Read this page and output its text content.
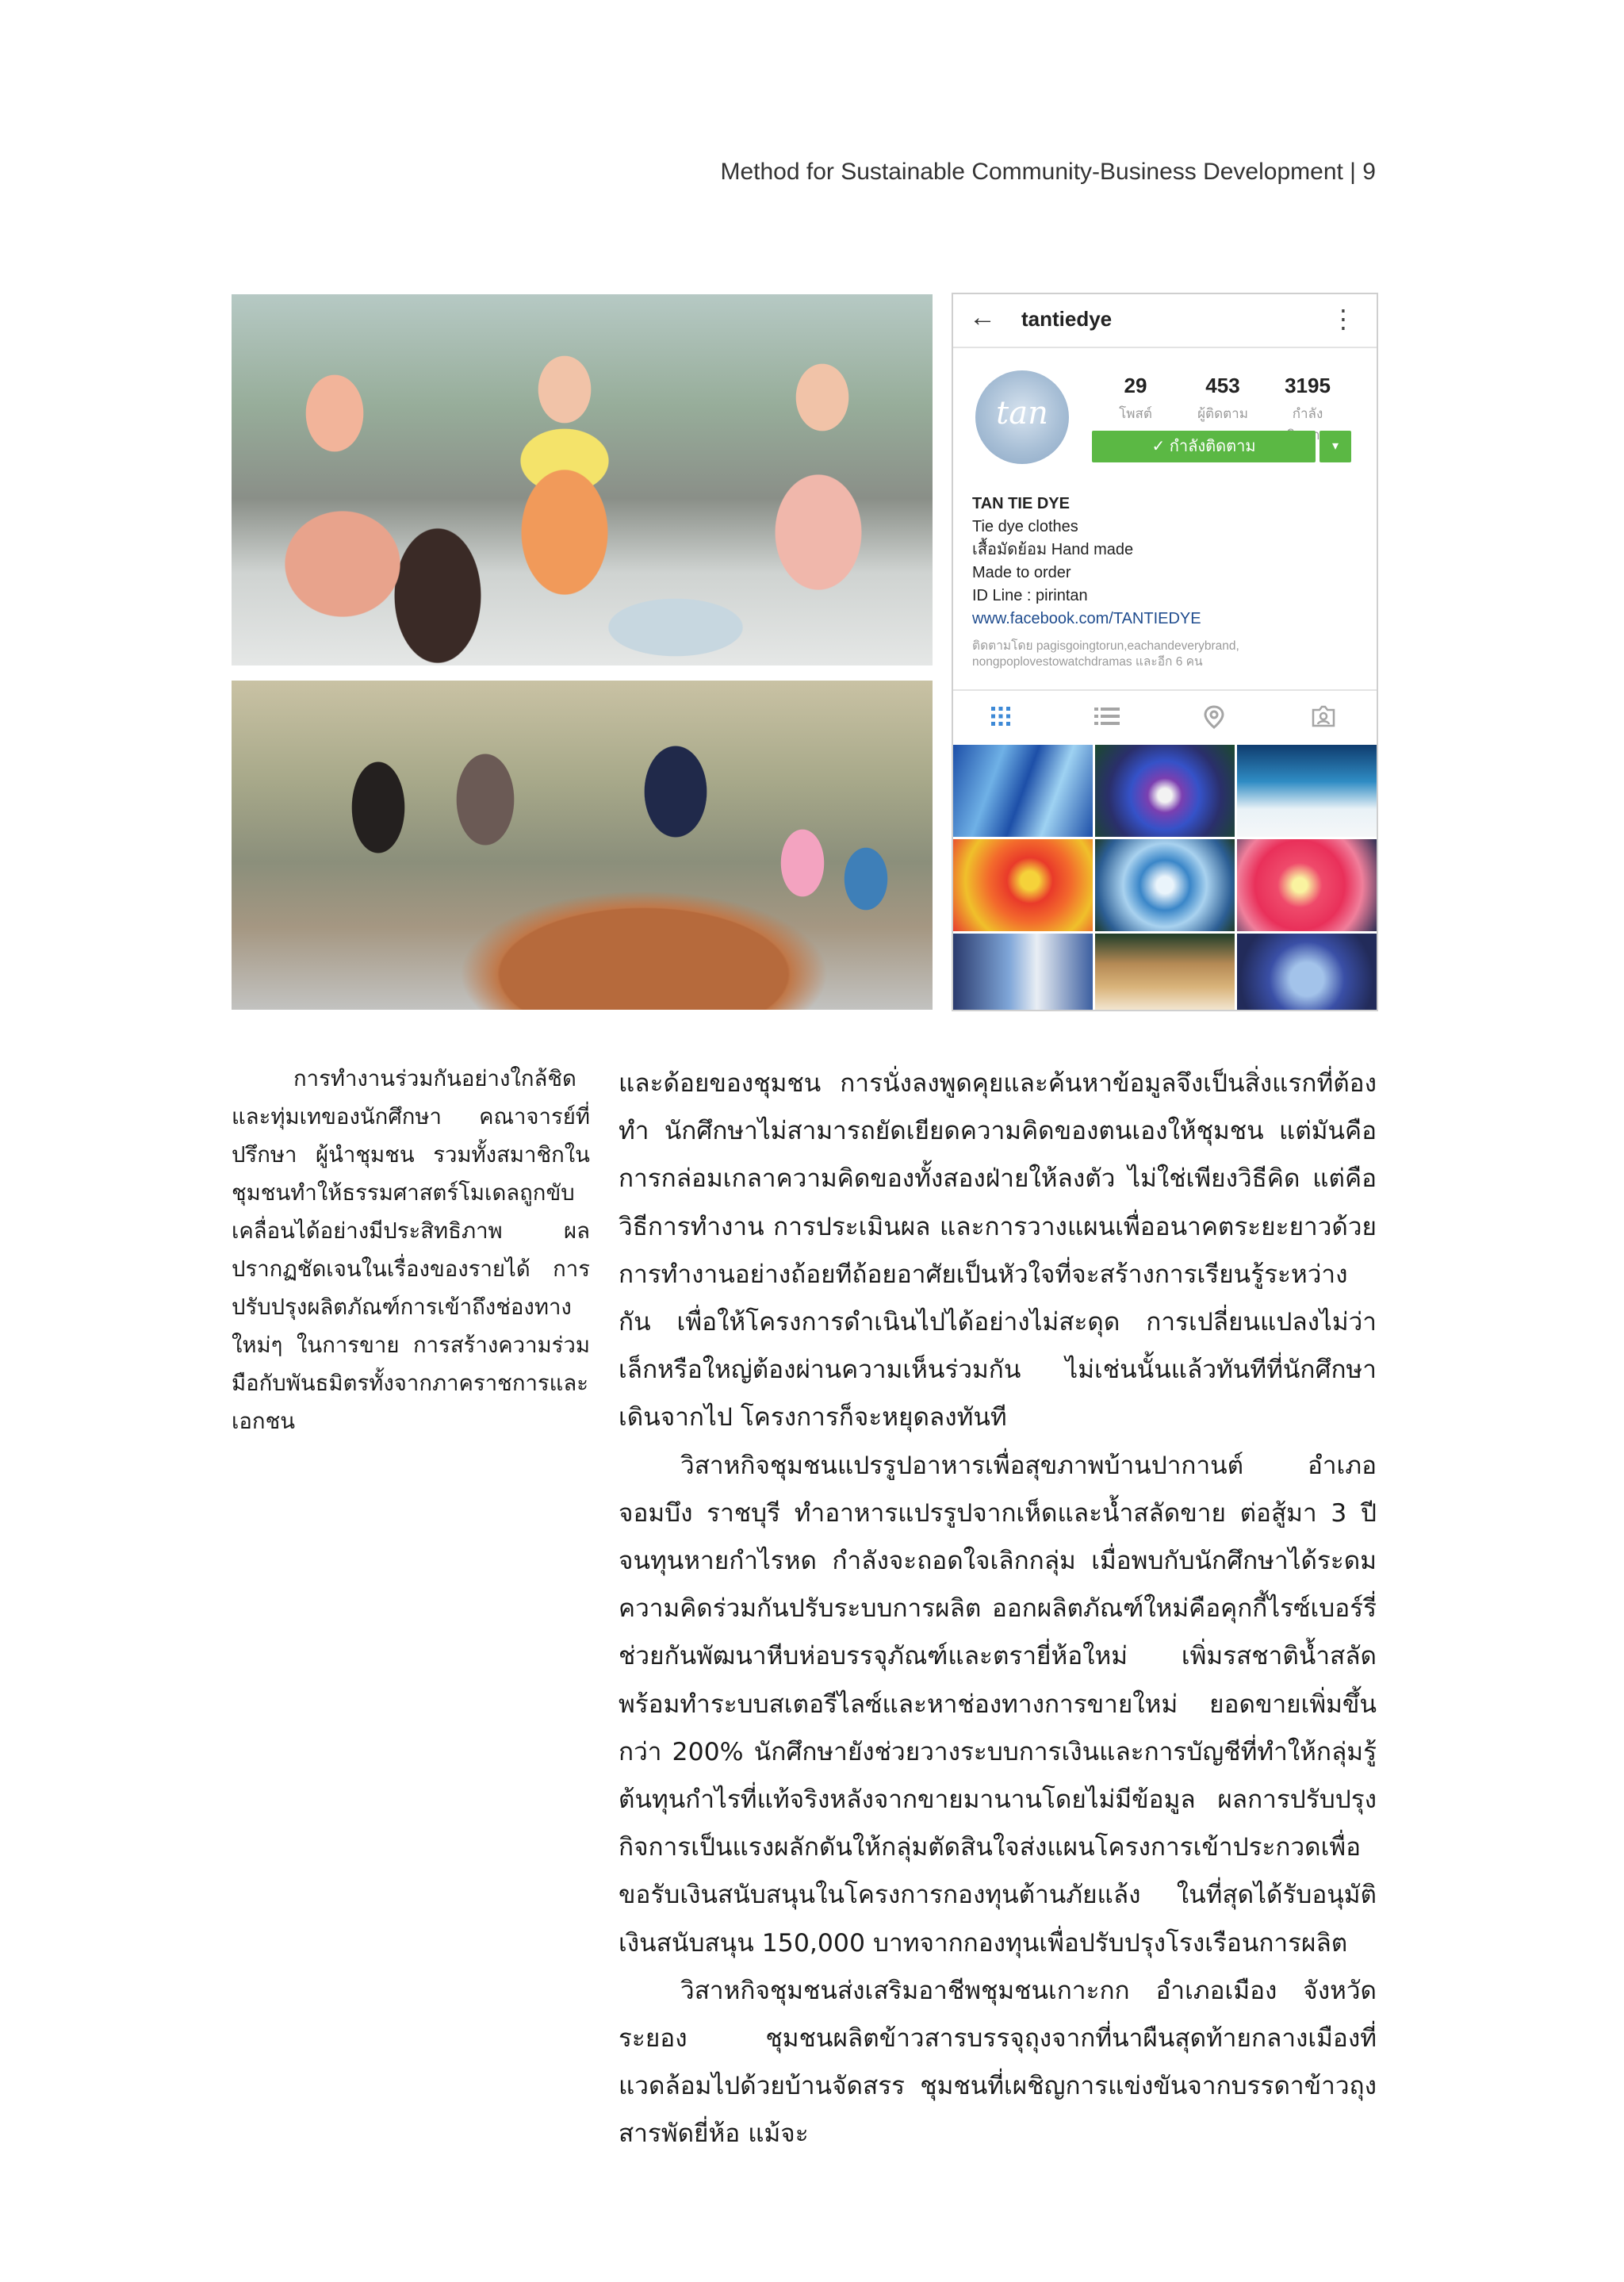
Method for Sustainable Community-Business Development | 9
← tantiedye	⋮
tan
29
โพสต์
453
ผู้ติดตาม
3195
กำลัง า
✓ กำลังติดตาม	▾
TAN TIE DYE
Tie dye clothes
เสื้อมัดย้อม Hand made
Made to order
ID Line : pirintan
www.facebook.com/TANTIEDYE
ติดตามโดย pagisgoingtorun,eachandeverybrand,
nongpoplovestowatchdramas และอีก 6 คน

การทำงานร่วมกันอย่างใกล้ชิดและทุ่มเทของนักศึกษา คณาจารย์ที่ปรึกษา ผู้นำชุมชน รวมทั้งสมาชิกในชุมชนทำให้ธรรมศาสตร์โมเดลถูกขับเคลื่อนได้อย่างมีประสิทธิภาพ ผลปรากฏชัดเจนในเรื่องของรายได้ การปรับปรุงผลิตภัณฑ์การเข้าถึงช่องทางใหม่ๆ ในการขาย การสร้างความร่วมมือกับพันธมิตรทั้งจากภาคราชการและเอกชน

และด้อยของชุมชน การนั่งลงพูดคุยและค้นหาข้อมูลจึงเป็นสิ่งแรกที่ต้องทำ นักศึกษาไม่สามารถยัดเยียดความคิดของตนเองให้ชุมชน แต่มันคือการกล่อมเกลาความคิดของทั้งสองฝ่ายให้ลงตัว ไม่ใช่เพียงวิธีคิด แต่คือวิธีการทำงาน การประเมินผล และการวางแผนเพื่ออนาคตระยะยาวด้วย การทำงานอย่างถ้อยทีถ้อยอาศัยเป็นหัวใจที่จะสร้างการเรียนรู้ระหว่างกัน เพื่อให้โครงการดำเนินไปได้อย่างไม่สะดุด การเปลี่ยนแปลงไม่ว่าเล็กหรือใหญ่ต้องผ่านความเห็นร่วมกัน ไม่เช่นนั้นแล้วทันทีที่นักศึกษาเดินจากไป โครงการก็จะหยุดลงทันที

วิสาหกิจชุมชนแปรรูปอาหารเพื่อสุขภาพบ้านปากานต์ อำเภอจอมบึง ราชบุรี ทำอาหารแปรรูปจากเห็ดและน้ำสลัดขาย ต่อสู้มา 3 ปีจนทุนหายกำไรหด กำลังจะถอดใจเลิกกลุ่ม เมื่อพบกับนักศึกษาได้ระดมความคิดร่วมกันปรับระบบการผลิต ออกผลิตภัณฑ์ใหม่คือคุกกี้ไรซ์เบอร์รี่ ช่วยกันพัฒนาหีบห่อบรรจุภัณฑ์และตรายี่ห้อใหม่ เพิ่มรสชาติน้ำสลัด พร้อมทำระบบสเตอรีไลซ์และหาช่องทางการขายใหม่ ยอดขายเพิ่มขึ้นกว่า 200% นักศึกษายังช่วยวางระบบการเงินและการบัญชีที่ทำให้กลุ่มรู้ต้นทุนกำไรที่แท้จริงหลังจากขายมานานโดยไม่มีข้อมูล ผลการปรับปรุงกิจการเป็นแรงผลักดันให้กลุ่มตัดสินใจส่งแผนโครงการเข้าประกวดเพื่อขอรับเงินสนับสนุนในโครงการกองทุนต้านภัยแล้ง ในที่สุดได้รับอนุมัติเงินสนับสนุน 150,000 บาทจากกองทุนเพื่อปรับปรุงโรงเรือนการผลิต

วิสาหกิจชุมชนส่งเสริมอาชีพชุมชนเกาะกก อำเภอเมือง จังหวัดระยอง ชุมชนผลิตข้าวสารบรรจุถุงจากที่นาผืนสุดท้ายกลางเมืองที่แวดล้อมไปด้วยบ้านจัดสรร ชุมชนที่เผชิญการแข่งขันจากบรรดาข้าวถุงสารพัดยี่ห้อ แม้จะ
